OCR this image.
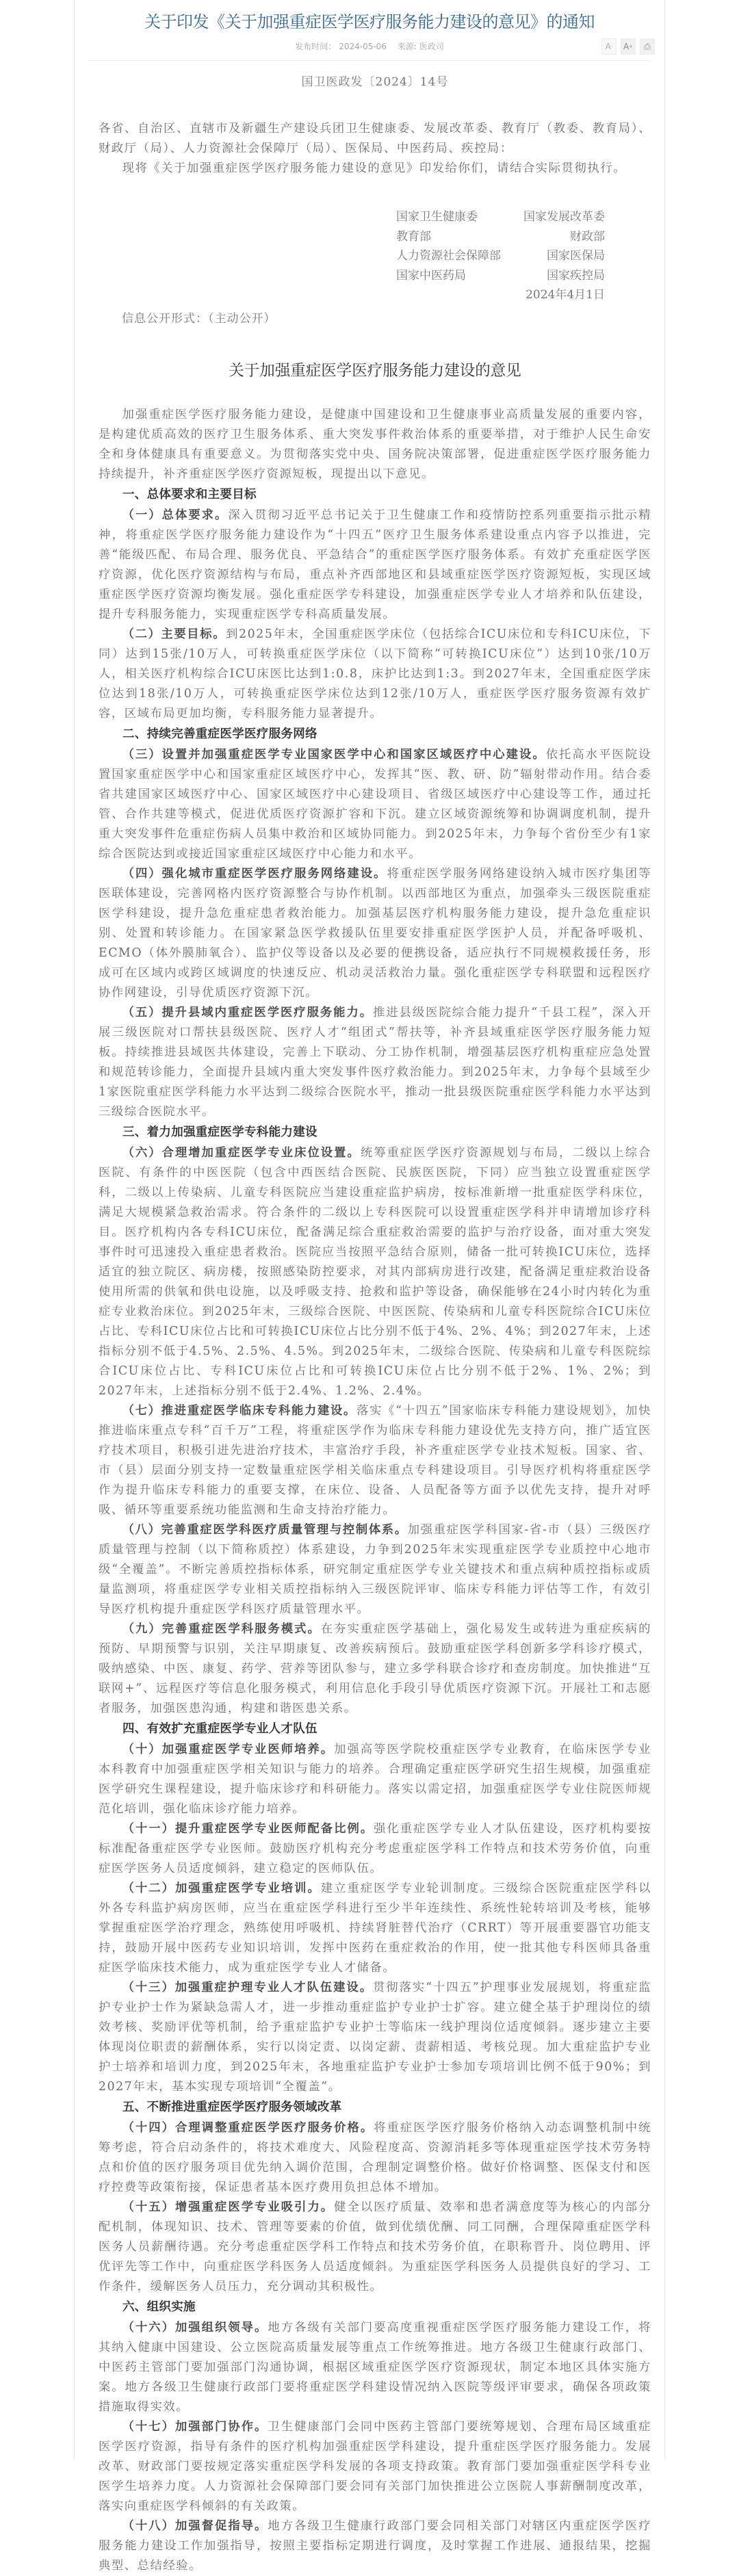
关于印发《关于加强重症医学医疗服务能力建设的意见》的通知
发布时间： 2024-05-06 来源: 医政司	A - A + ⎙
国卫医政发〔2024〕14号

各省、自治区、直辖市及新疆生产建设兵团卫生健康委、发展改革委、教育厅（教委、教育局）、财政厅（局）、人力资源社会保障厅（局）、医保局、中医药局、疾控局：

现将《关于加强重症医学医疗服务能力建设的意见》印发给你们，请结合实际贯彻执行。

国家卫生健康委	国家发展改革委
教育部	财政部
人力资源社会保障部	国家医保局
国家中医药局	国家疾控局
2024年4月1日
信息公开形式：（主动公开）
关于加强重症医学医疗服务能力建设的意见

加强重症医学医疗服务能力建设，是健康中国建设和卫生健康事业高质量发展的重要内容，是构建优质高效的医疗卫生服务体系、重大突发事件救治体系的重要举措，对于维护人民生命安全和身体健康具有重要意义。为贯彻落实党中央、国务院决策部署，促进重症医学医疗服务能力持续提升，补齐重症医学医疗资源短板，现提出以下意见。

一、总体要求和主要目标

（一）总体要求。深入贯彻习近平总书记关于卫生健康工作和疫情防控系列重要指示批示精神，将重症医学医疗服务能力建设作为“十四五”医疗卫生服务体系建设重点内容予以推进，完善“能级匹配、布局合理、服务优良、平急结合”的重症医学医疗服务体系。有效扩充重症医学医疗资源，优化医疗资源结构与布局，重点补齐西部地区和县域重症医学医疗资源短板，实现区域重症医学医疗资源均衡发展。强化重症医学专科建设，加强重症医学专业人才培养和队伍建设，提升专科服务能力，实现重症医学专科高质量发展。

（二）主要目标。到2025年末，全国重症医学床位（包括综合ICU床位和专科ICU床位，下同）达到15张/10万人，可转换重症医学床位（以下简称“可转换ICU床位”）达到10张/10万人，相关医疗机构综合ICU床医比达到1:0.8，床护比达到1:3。到2027年末，全国重症医学床位达到18张/10万人，可转换重症医学床位达到12张/10万人，重症医学医疗服务资源有效扩容，区域布局更加均衡，专科服务能力显著提升。

二、持续完善重症医学医疗服务网络

（三）设置并加强重症医学专业国家医学中心和国家区域医疗中心建设。依托高水平医院设置国家重症医学中心和国家重症区域医疗中心，发挥其“医、教、研、防”辐射带动作用。结合委省共建国家区域医疗中心、国家区域医疗中心建设项目、省级区域医疗中心建设等工作，通过托管、合作共建等模式，促进优质医疗资源扩容和下沉。建立区域资源统筹和协调调度机制，提升重大突发事件危重症伤病人员集中救治和区域协同能力。到2025年末，力争每个省份至少有1家综合医院达到或接近国家重症区域医疗中心能力和水平。

（四）强化城市重症医学医疗服务网络建设。将重症医学服务网络建设纳入城市医疗集团等医联体建设，完善网格内医疗资源整合与协作机制。以西部地区为重点，加强牵头三级医院重症医学科建设，提升急危重症患者救治能力。加强基层医疗机构服务能力建设，提升急危重症识别、处置和转诊能力。在国家紧急医学救援队伍里要安排重症医学医护人员，并配备呼吸机、ECMO（体外膜肺氧合）、监护仪等设备以及必要的便携设备，适应执行不同规模救援任务，形成可在区域内或跨区域调度的快速反应、机动灵活救治力量。强化重症医学专科联盟和远程医疗协作网建设，引导优质医疗资源下沉。

（五）提升县域内重症医学医疗服务能力。推进县级医院综合能力提升“千县工程”，深入开展三级医院对口帮扶县级医院、医疗人才“组团式”帮扶等，补齐县域重症医学医疗服务能力短板。持续推进县域医共体建设，完善上下联动、分工协作机制，增强基层医疗机构重症应急处置和规范转诊能力，全面提升县域内重大突发事件医疗救治能力。到2025年末，力争每个县域至少1家医院重症医学科能力水平达到二级综合医院水平，推动一批县级医院重症医学科能力水平达到三级综合医院水平。

三、着力加强重症医学专科能力建设

（六）合理增加重症医学专业床位设置。统筹重症医学医疗资源规划与布局，二级以上综合医院、有条件的中医医院（包含中西医结合医院、民族医医院，下同）应当独立设置重症医学科，二级以上传染病、儿童专科医院应当建设重症监护病房，按标准新增一批重症医学科床位，满足大规模紧急救治需求。符合条件的二级以上专科医院可以设置重症医学科并申请增加诊疗科目。医疗机构内各专科ICU床位，配备满足综合重症救治需要的监护与治疗设备，面对重大突发事件时可迅速投入重症患者救治。医院应当按照平急结合原则，储备一批可转换ICU床位，选择适宜的独立院区、病房楼，按照感染防控要求，对其内部病房进行改建，配备满足重症救治设备使用所需的供氧和供电设施，以及呼吸支持、抢救和监护等设备，确保能够在24小时内转化为重症专业救治床位。到2025年末，三级综合医院、中医医院、传染病和儿童专科医院综合ICU床位占比、专科ICU床位占比和可转换ICU床位占比分别不低于4%、2%、4%；到2027年末，上述指标分别不低于4.5%、2.5%、4.5%。到2025年末，二级综合医院、传染病和儿童专科医院综合ICU床位占比、专科ICU床位占比和可转换ICU床位占比分别不低于2%、1%、2%；到2027年末，上述指标分别不低于2.4%、1.2%、2.4%。

（七）推进重症医学临床专科能力建设。落实《“十四五”国家临床专科能力建设规划》，加快推进临床重点专科“百千万”工程，将重症医学作为临床专科能力建设优先支持方向，推广适宜医疗技术项目，积极引进先进治疗技术，丰富治疗手段，补齐重症医学专业技术短板。国家、省、市（县）层面分别支持一定数量重症医学相关临床重点专科建设项目。引导医疗机构将重症医学作为提升临床专科能力的重要支撑，在床位、设备、人员配备等方面予以优先支持，提升对呼吸、循环等重要系统功能监测和生命支持治疗能力。

（八）完善重症医学科医疗质量管理与控制体系。加强重症医学科国家-省-市（县）三级医疗质量管理与控制（以下简称质控）体系建设，力争到2025年末实现重症医学专业质控中心地市级“全覆盖”。不断完善质控指标体系，研究制定重症医学专业关键技术和重点病种质控指标或质量监测项，将重症医学专业相关质控指标纳入三级医院评审、临床专科能力评估等工作，有效引导医疗机构提升重症医学科医疗质量管理水平。

（九）完善重症医学科服务模式。在夯实重症医学基础上，强化易发生或转进为重症疾病的预防、早期预警与识别，关注早期康复、改善疾病预后。鼓励重症医学科创新多学科诊疗模式，吸纳感染、中医、康复、药学、营养等团队参与，建立多学科联合诊疗和查房制度。加快推进“互联网+”、远程医疗等信息化服务模式，利用信息化手段引导优质医疗资源下沉。开展社工和志愿者服务，加强医患沟通，构建和谐医患关系。

四、有效扩充重症医学专业人才队伍

（十）加强重症医学专业医师培养。加强高等医学院校重症医学专业教育，在临床医学专业本科教育中加强重症医学相关知识与能力的培养。合理确定重症医学研究生招生规模，加强重症医学研究生课程建设，提升临床诊疗和科研能力。落实以需定招，加强重症医学专业住院医师规范化培训，强化临床诊疗能力培养。

（十一）提升重症医学专业医师配备比例。强化重症医学专业人才队伍建设，医疗机构要按标准配备重症医学专业医师。鼓励医疗机构充分考虑重症医学科工作特点和技术劳务价值，向重症医学医务人员适度倾斜，建立稳定的医师队伍。

（十二）加强重症医学专业培训。建立重症医学专业轮训制度。三级综合医院重症医学科以外各专科监护病房医师，应当在重症医学科进行至少半年连续性、系统性轮转培训及考核，能够掌握重症医学治疗理念，熟练使用呼吸机、持续肾脏替代治疗（CRRT）等开展重要器官功能支持，鼓励开展中医药专业知识培训，发挥中医药在重症救治的作用，使一批其他专科医师具备重症医学临床技术能力，成为重症医学专业人才储备。

（十三）加强重症护理专业人才队伍建设。贯彻落实“十四五”护理事业发展规划，将重症监护专业护士作为紧缺急需人才，进一步推动重症监护专业护士扩容。建立健全基于护理岗位的绩效考核、奖励评优等机制，给予重症监护专业护士等临床一线护理岗位适度倾斜。逐步建立主要体现岗位职责的薪酬体系，实行以岗定责、以岗定薪、责薪相适、考核兑现。加大重症监护专业护士培养和培训力度，到2025年末，各地重症监护专业护士参加专项培训比例不低于90%；到2027年末，基本实现专项培训“全覆盖”。

五、不断推进重症医学医疗服务领域改革

（十四）合理调整重症医学医疗服务价格。将重症医学医疗服务价格纳入动态调整机制中统筹考虑，符合启动条件的，将技术难度大、风险程度高、资源消耗多等体现重症医学技术劳务特点和价值的医疗服务项目优先纳入调价范围，合理制定调整价格。做好价格调整、医保支付和医疗控费等政策衔接，保证患者基本医疗费用负担总体不增加。

（十五）增强重症医学专业吸引力。健全以医疗质量、效率和患者满意度等为核心的内部分配机制，体现知识、技术、管理等要素的价值，做到优绩优酬、同工同酬，合理保障重症医学科医务人员薪酬待遇。充分考虑重症医学科工作特点和技术劳务价值，在职称晋升、岗位聘用、评优评先等工作中，向重症医学科医务人员适度倾斜。为重症医学科医务人员提供良好的学习、工作条件，缓解医务人员压力，充分调动其积极性。

六、组织实施

（十六）加强组织领导。地方各级有关部门要高度重视重症医学医疗服务能力建设工作，将其纳入健康中国建设、公立医院高质量发展等重点工作统筹推进。地方各级卫生健康行政部门、中医药主管部门要加强部门沟通协调，根据区域重症医学医疗资源现状，制定本地区具体实施方案。地方各级卫生健康行政部门要将重症医学科建设情况纳入医院等级评审要求，确保各项政策措施取得实效。

（十七）加强部门协作。卫生健康部门会同中医药主管部门要统筹规划、合理布局区域重症医学医疗资源，指导有条件的医疗机构加强重症医学科建设，提升重症医学医疗服务能力。发展改革、财政部门要按规定落实重症医学科发展的各项支持政策。教育部门要加强重症医学科专业医学生培养力度。人力资源社会保障部门要会同有关部门加快推进公立医院人事薪酬制度改革，落实向重症医学科倾斜的有关政策。

（十八）加强督促指导。地方各级卫生健康行政部门要会同相关部门对辖区内重症医学医疗服务能力建设工作加强指导，按照主要指标定期进行调度，及时掌握工作进展、通报结果，挖掘典型、总结经验。
